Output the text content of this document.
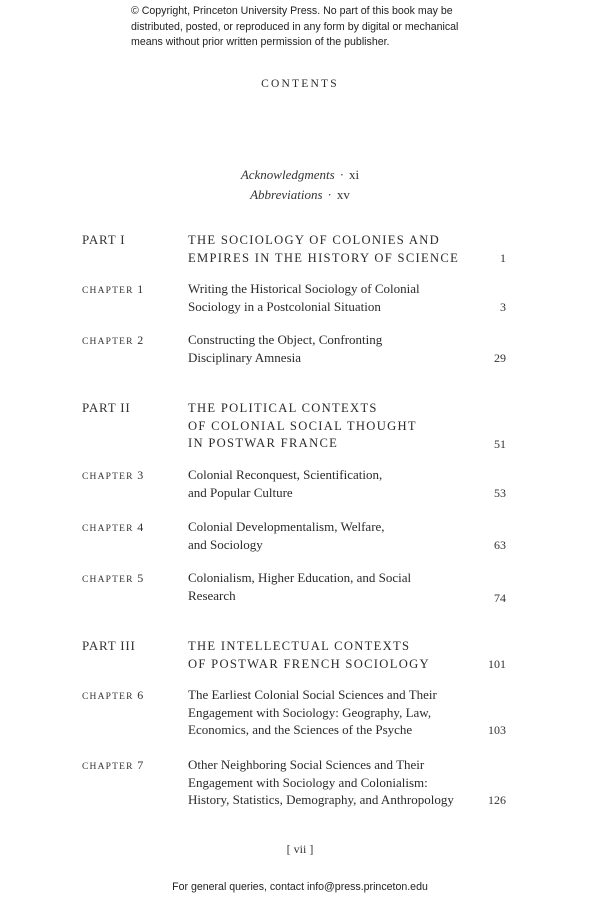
© Copyright, Princeton University Press. No part of this book may be
distributed, posted, or reproduced in any form by digital or mechanical
means without prior written permission of the publisher.
CONTENTS
Acknowledgments · xi
Abbreviations · xv
PART I	THE SOCIOLOGY OF COLONIES AND
EMPIRES IN THE HISTORY OF SCIENCE	1
CHAPTER 1	Writing the Historical Sociology of Colonial
Sociology in a Postcolonial Situation	3
CHAPTER 2	Constructing the Object, Confronting
Disciplinary Amnesia	29
PART II	THE POLITICAL CONTEXTS
OF COLONIAL SOCIAL THOUGHT
IN POSTWAR FRANCE	51
CHAPTER 3	Colonial Reconquest, Scientification,
and Popular Culture	53
CHAPTER 4	Colonial Developmentalism, Welfare,
and Sociology	63
CHAPTER 5	Colonialism, Higher Education, and Social
Research	74
PART III	THE INTELLECTUAL CONTEXTS
OF POSTWAR FRENCH SOCIOLOGY	101
CHAPTER 6	The Earliest Colonial Social Sciences and Their
Engagement with Sociology: Geography, Law,
Economics, and the Sciences of the Psyche	103
CHAPTER 7	Other Neighboring Social Sciences and Their
Engagement with Sociology and Colonialism:
History, Statistics, Demography, and Anthropology	126
[ vii ]
For general queries, contact info@press.princeton.edu
